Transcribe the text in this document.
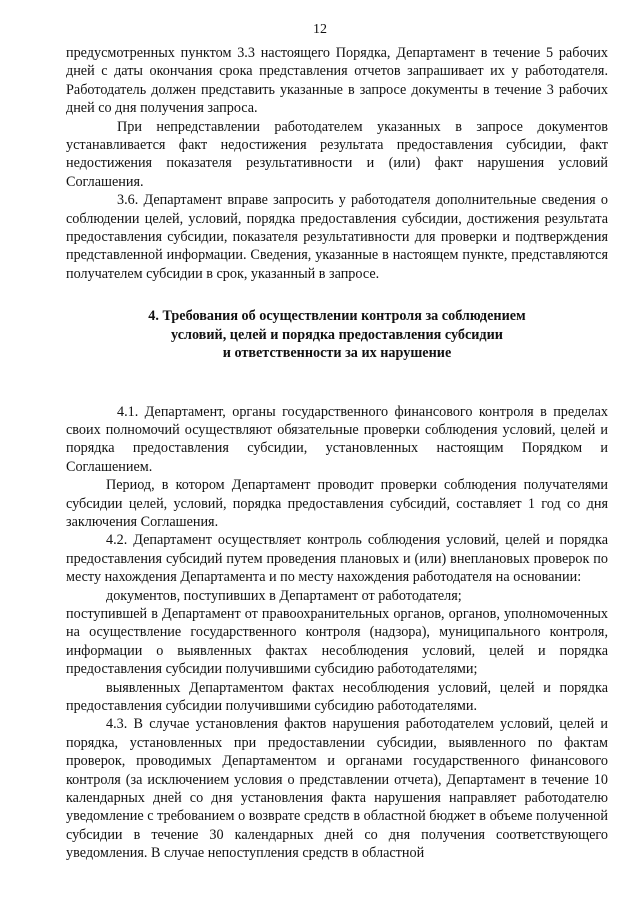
12

предусмотренных пунктом 3.3 настоящего Порядка, Департамент в течение 5 рабочих дней с даты окончания срока представления отчетов запрашивает их у работодателя. Работодатель должен представить указанные в запросе документы в течение 3 рабочих дней со дня получения запроса.

При непредставлении работодателем указанных в запросе документов устанавливается факт недостижения результата предоставления субсидии, факт недостижения показателя результативности и (или) факт нарушения условий Соглашения.

3.6. Департамент вправе запросить у работодателя дополнительные сведения о соблюдении целей, условий, порядка предоставления субсидии, достижения результата предоставления субсидии, показателя результативности для проверки и подтверждения представленной информации. Сведения, указанные в настоящем пункте, представляются получателем субсидии в срок, указанный в запросе.

4. Требования об осуществлении контроля за соблюдением
условий, целей и порядка предоставления субсидии
и ответственности за их нарушение

4.1. Департамент, органы государственного финансового контроля в пределах своих полномочий осуществляют обязательные проверки соблюдения условий, целей и порядка предоставления субсидии, установленных настоящим Порядком и Соглашением.

Период, в котором Департамент проводит проверки соблюдения получателями субсидии целей, условий, порядка предоставления субсидий, составляет 1 год со дня заключения Соглашения.

4.2. Департамент осуществляет контроль соблюдения условий, целей и порядка предоставления субсидий путем проведения плановых и (или) внеплановых проверок по месту нахождения Департамента и по месту нахождения работодателя на основании:

документов, поступивших в Департамент от работодателя;

поступившей в Департамент от правоохранительных органов, органов, уполномоченных на осуществление государственного контроля (надзора), муниципального контроля, информации о выявленных фактах несоблюдения условий, целей и порядка предоставления субсидии получившими субсидию работодателями;

выявленных Департаментом фактах несоблюдения условий, целей и порядка предоставления субсидии получившими субсидию работодателями.

4.3. В случае установления фактов нарушения работодателем условий, целей и порядка, установленных при предоставлении субсидии, выявленного по фактам проверок, проводимых Департаментом и органами государственного финансового контроля (за исключением условия о представлении отчета), Департамент в течение 10 календарных дней со дня установления факта нарушения направляет работодателю уведомление с требованием о возврате средств в областной бюджет в объеме полученной субсидии в течение 30 календарных дней со дня получения соответствующего уведомления. В случае непоступления средств в областной
